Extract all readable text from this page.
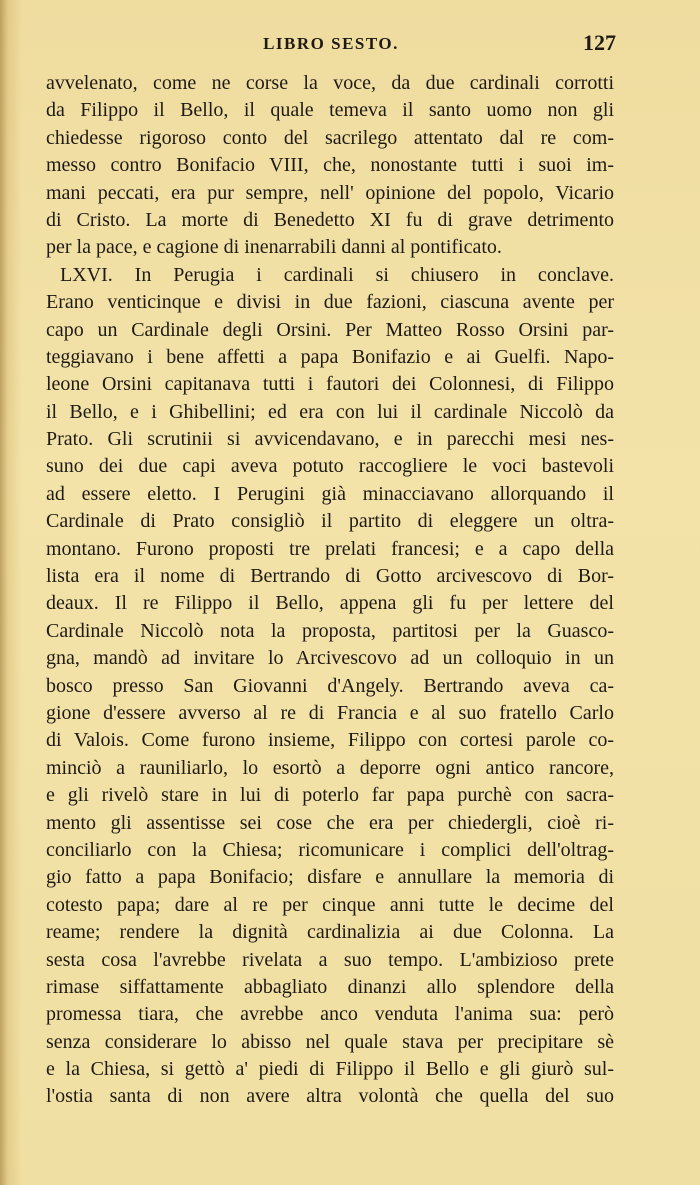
LIBRO SESTO.	127
avvelenato, come ne corse la voce, da due cardinali corrotti
da Filippo il Bello, il quale temeva il santo uomo non gli
chiedesse rigoroso conto del sacrilego attentato dal re com-
messo contro Bonifacio VIII, che, nonostante tutti i suoi im-
mani peccati, era pur sempre, nell' opinione del popolo, Vicario
di Cristo. La morte di Benedetto XI fu di grave detrimento
per la pace, e cagione di inenarrabili danni al pontificato.
LXVI. In Perugia i cardinali si chiusero in conclave.
Erano venticinque e divisi in due fazioni, ciascuna avente per
capo un Cardinale degli Orsini. Per Matteo Rosso Orsini par-
teggiavano i bene affetti a papa Bonifazio e ai Guelfi. Napo-
leone Orsini capitanava tutti i fautori dei Colonnesi, di Filippo
il Bello, e i Ghibellini; ed era con lui il cardinale Niccolò da
Prato. Gli scrutinii si avvicendavano, e in parecchi mesi nes-
suno dei due capi aveva potuto raccogliere le voci bastevoli
ad essere eletto. I Perugini già minacciavano allorquando il
Cardinale di Prato consigliò il partito di eleggere un oltra-
montano. Furono proposti tre prelati francesi; e a capo della
lista era il nome di Bertrando di Gotto arcivescovo di Bor-
deaux. Il re Filippo il Bello, appena gli fu per lettere del
Cardinale Niccolò nota la proposta, partitosi per la Guasco-
gna, mandò ad invitare lo Arcivescovo ad un colloquio in un
bosco presso San Giovanni d'Angely. Bertrando aveva ca-
gione d'essere avverso al re di Francia e al suo fratello Carlo
di Valois. Come furono insieme, Filippo con cortesi parole co-
minciò a rauniliarlo, lo esortò a deporre ogni antico rancore,
e gli rivelò stare in lui di poterlo far papa purchè con sacra-
mento gli assentisse sei cose che era per chiedergli, cioè ri-
conciliarlo con la Chiesa; ricomunicare i complici dell'oltrag-
gio fatto a papa Bonifacio; disfare e annullare la memoria di
cotesto papa; dare al re per cinque anni tutte le decime del
reame; rendere la dignità cardinalizia ai due Colonna. La
sesta cosa l'avrebbe rivelata a suo tempo. L'ambizioso prete
rimase siffattamente abbagliato dinanzi allo splendore della
promessa tiara, che avrebbe anco venduta l'anima sua: però
senza considerare lo abisso nel quale stava per precipitare sè
e la Chiesa, si gettò a' piedi di Filippo il Bello e gli giurò sul-
l'ostia santa di non avere altra volontà che quella del suo
